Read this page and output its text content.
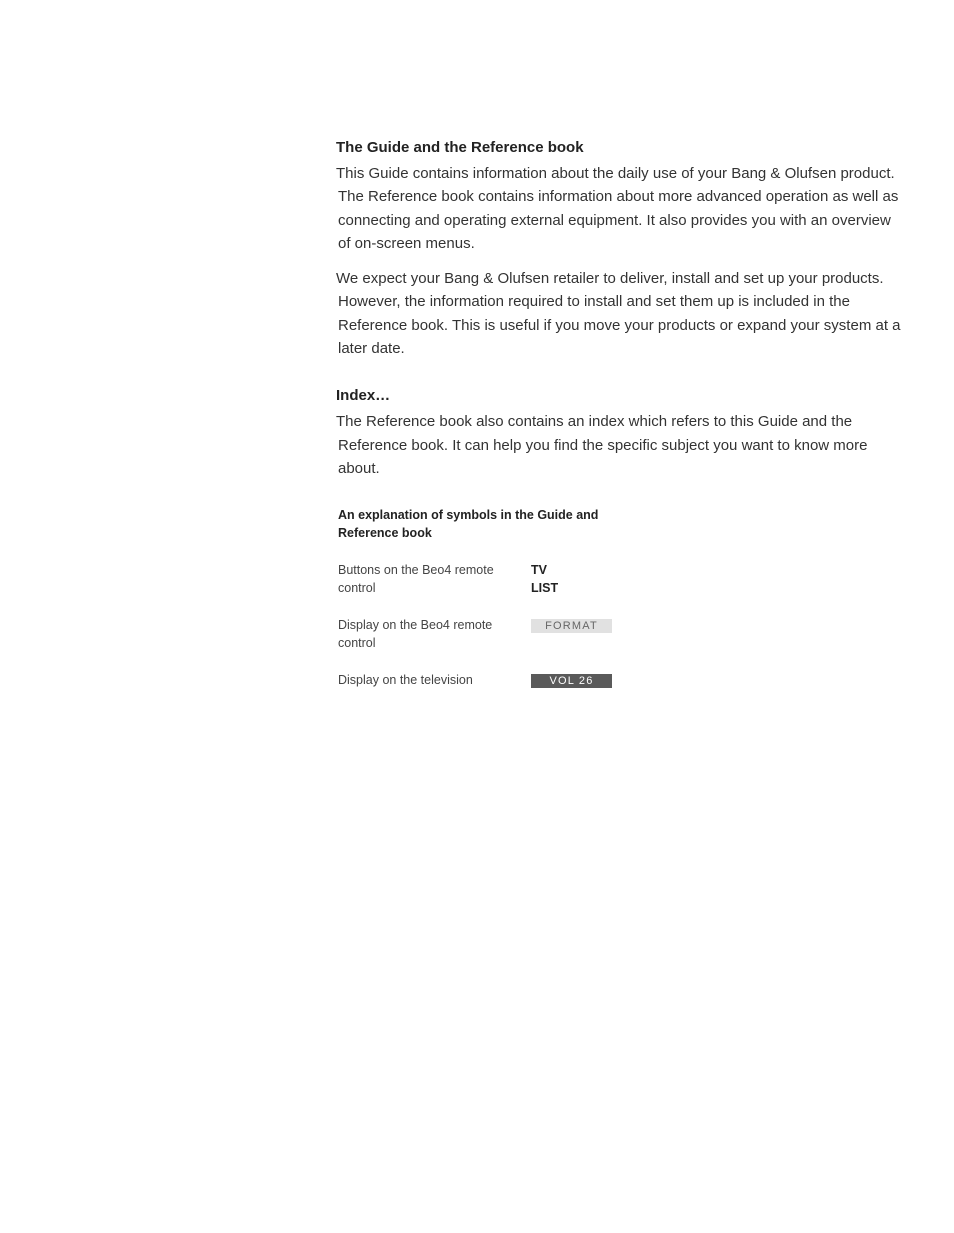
The Guide and the Reference book

This Guide contains information about the daily use of your Bang & Olufsen product. The Reference book contains information about more advanced operation as well as connecting and operating external equipment. It also provides you with an overview of on-screen menus.

We expect your Bang & Olufsen retailer to deliver, install and set up your products. However, the information required to install and set them up is included in the Reference book. This is useful if you move your products or expand your system at a later date.

Index…

The Reference book also contains an index which refers to this Guide and the Reference book. It can help you find the specific subject you want to know more about.

An explanation of symbols in the Guide and Reference book
Buttons on the Beo4 remote control
TV
LIST
Display on the Beo4 remote control
FORMAT
Display on the television	VOL 26
